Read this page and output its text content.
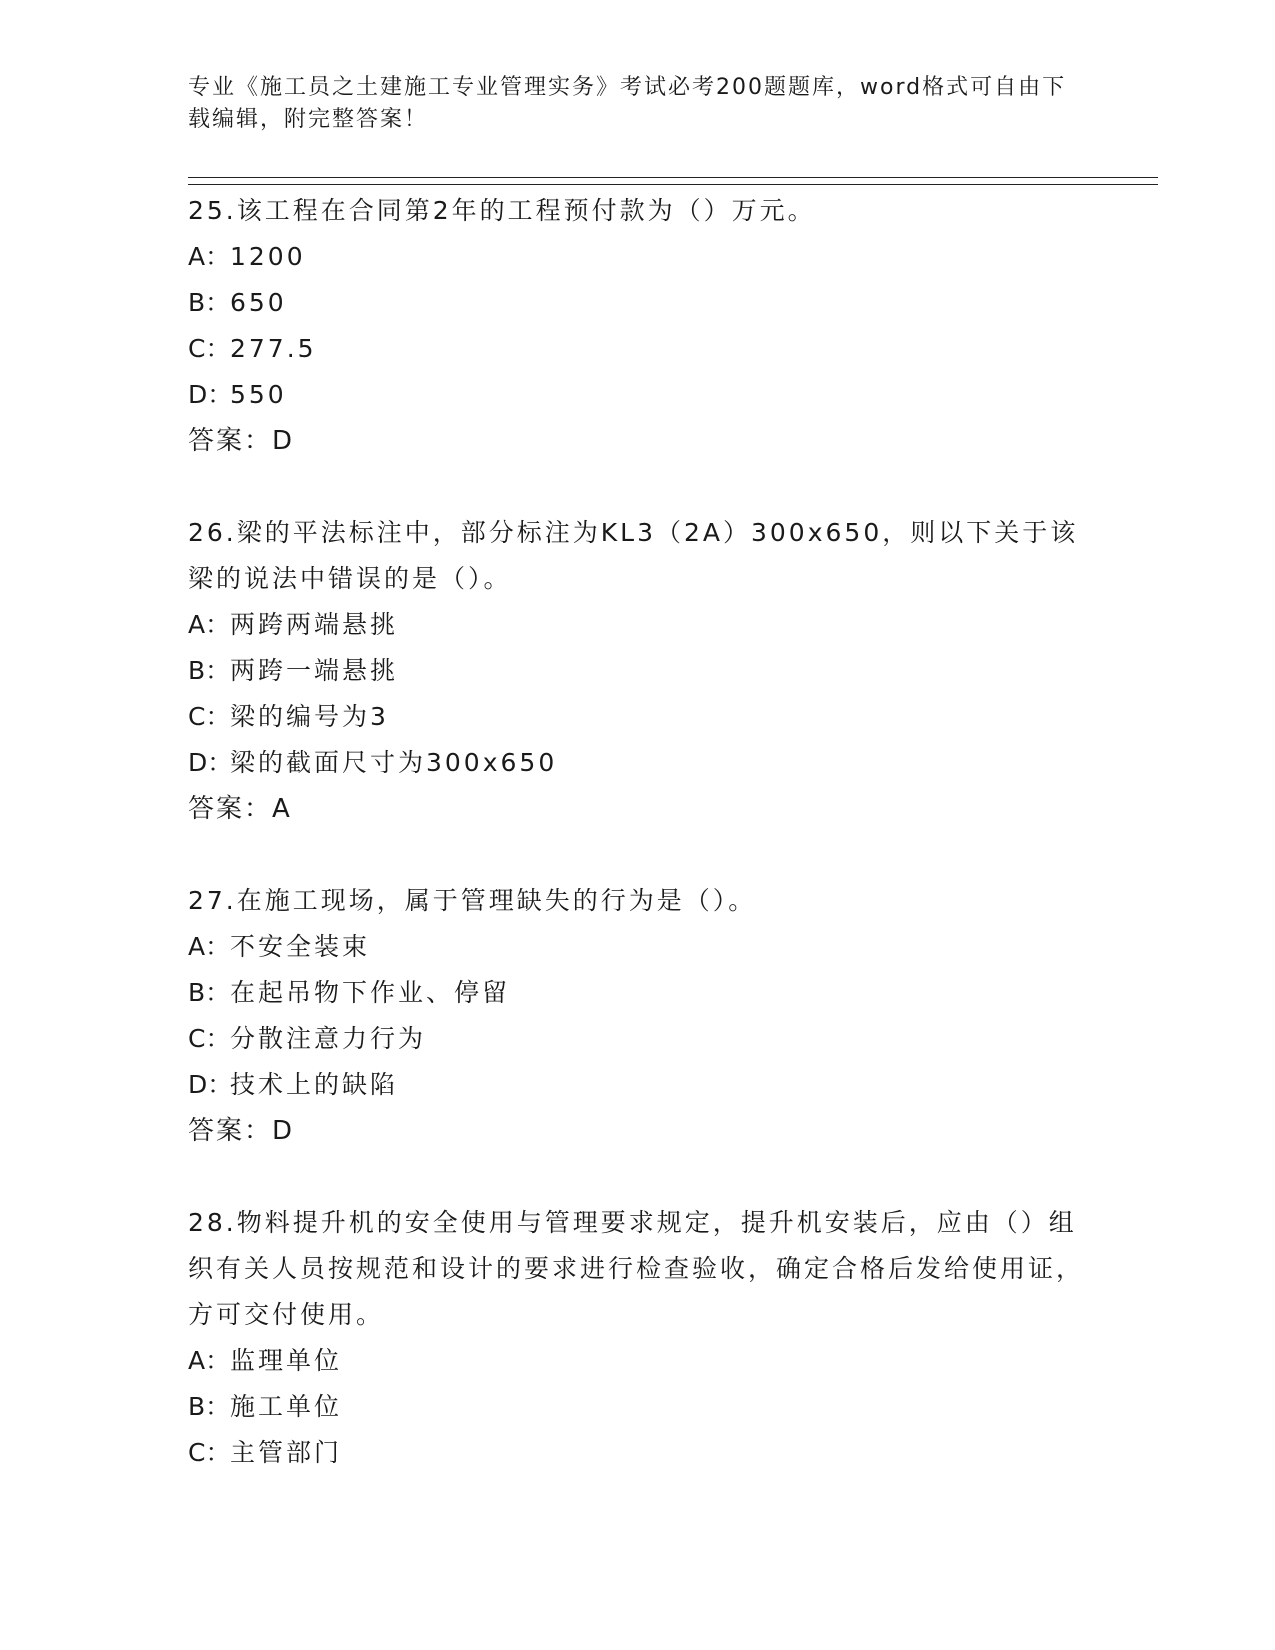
专业《施工员之土建施工专业管理实务》考试必考200题题库，word格式可自由下载编辑，附完整答案！
25.该工程在合同第2年的工程预付款为（）万元。
A：1200
B：650
C：277.5
D：550
答案：D
26.梁的平法标注中，部分标注为KL3（2A）300x650，则以下关于该梁的说法中错误的是（）。
A：两跨两端悬挑
B：两跨一端悬挑
C：梁的编号为3
D：梁的截面尺寸为300x650
答案：A
27.在施工现场，属于管理缺失的行为是（）。
A：不安全装束
B：在起吊物下作业、停留
C：分散注意力行为
D：技术上的缺陷
答案：D
28.物料提升机的安全使用与管理要求规定，提升机安装后，应由（）组织有关人员按规范和设计的要求进行检查验收，确定合格后发给使用证，方可交付使用。
A：监理单位
B：施工单位
C：主管部门
